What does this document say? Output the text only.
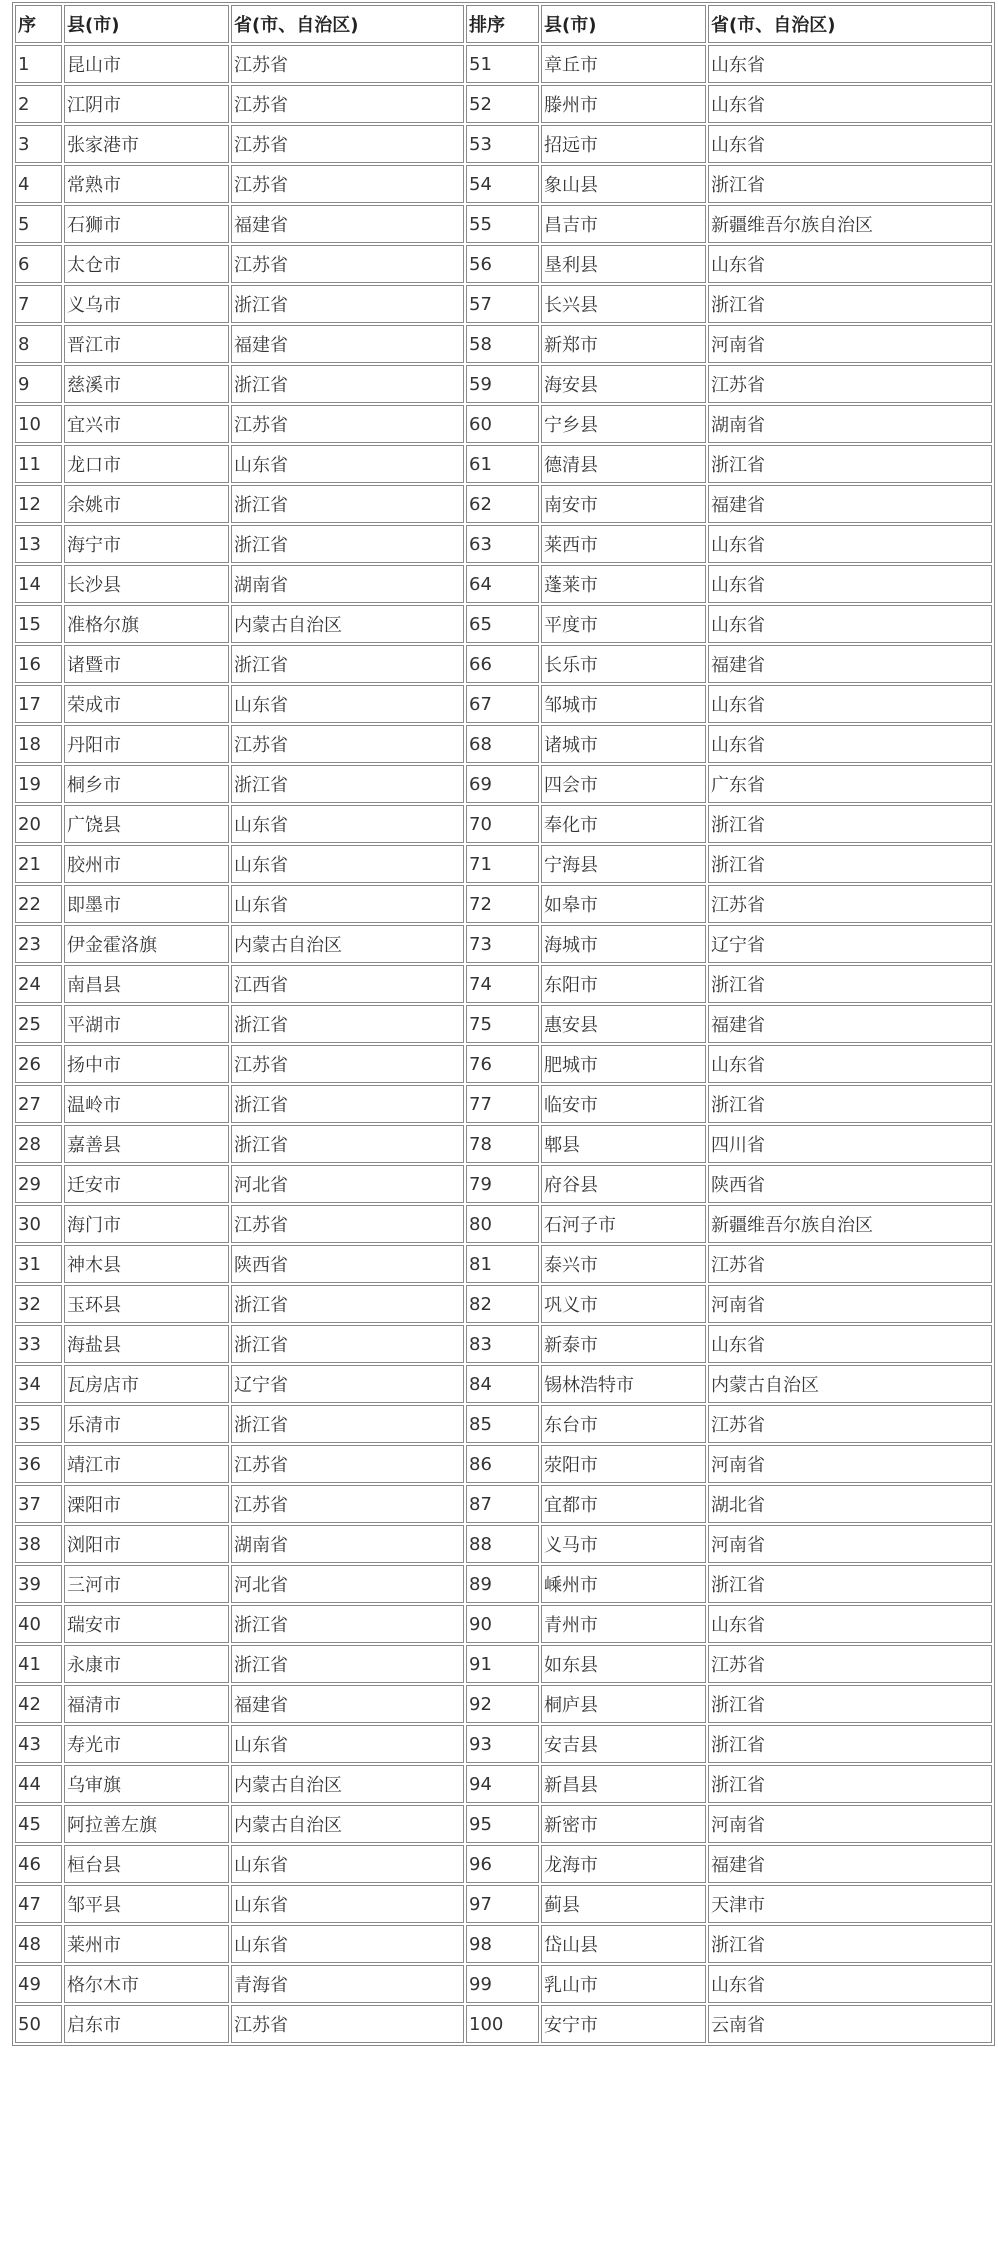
序	县(市)	省(市、自治区)	排序	县(市)	省(市、自治区)
1	昆山市	江苏省	51	章丘市	山东省
2	江阴市	江苏省	52	滕州市	山东省
3	张家港市	江苏省	53	招远市	山东省
4	常熟市	江苏省	54	象山县	浙江省
5	石狮市	福建省	55	昌吉市	新疆维吾尔族自治区
6	太仓市	江苏省	56	垦利县	山东省
7	义乌市	浙江省	57	长兴县	浙江省
8	晋江市	福建省	58	新郑市	河南省
9	慈溪市	浙江省	59	海安县	江苏省
10	宜兴市	江苏省	60	宁乡县	湖南省
11	龙口市	山东省	61	德清县	浙江省
12	余姚市	浙江省	62	南安市	福建省
13	海宁市	浙江省	63	莱西市	山东省
14	长沙县	湖南省	64	蓬莱市	山东省
15	准格尔旗	内蒙古自治区	65	平度市	山东省
16	诸暨市	浙江省	66	长乐市	福建省
17	荣成市	山东省	67	邹城市	山东省
18	丹阳市	江苏省	68	诸城市	山东省
19	桐乡市	浙江省	69	四会市	广东省
20	广饶县	山东省	70	奉化市	浙江省
21	胶州市	山东省	71	宁海县	浙江省
22	即墨市	山东省	72	如皋市	江苏省
23	伊金霍洛旗	内蒙古自治区	73	海城市	辽宁省
24	南昌县	江西省	74	东阳市	浙江省
25	平湖市	浙江省	75	惠安县	福建省
26	扬中市	江苏省	76	肥城市	山东省
27	温岭市	浙江省	77	临安市	浙江省
28	嘉善县	浙江省	78	郫县	四川省
29	迁安市	河北省	79	府谷县	陕西省
30	海门市	江苏省	80	石河子市	新疆维吾尔族自治区
31	神木县	陕西省	81	泰兴市	江苏省
32	玉环县	浙江省	82	巩义市	河南省
33	海盐县	浙江省	83	新泰市	山东省
34	瓦房店市	辽宁省	84	锡林浩特市	内蒙古自治区
35	乐清市	浙江省	85	东台市	江苏省
36	靖江市	江苏省	86	荥阳市	河南省
37	溧阳市	江苏省	87	宜都市	湖北省
38	浏阳市	湖南省	88	义马市	河南省
39	三河市	河北省	89	嵊州市	浙江省
40	瑞安市	浙江省	90	青州市	山东省
41	永康市	浙江省	91	如东县	江苏省
42	福清市	福建省	92	桐庐县	浙江省
43	寿光市	山东省	93	安吉县	浙江省
44	乌审旗	内蒙古自治区	94	新昌县	浙江省
45	阿拉善左旗	内蒙古自治区	95	新密市	河南省
46	桓台县	山东省	96	龙海市	福建省
47	邹平县	山东省	97	蓟县	天津市
48	莱州市	山东省	98	岱山县	浙江省
49	格尔木市	青海省	99	乳山市	山东省
50	启东市	江苏省	100	安宁市	云南省
